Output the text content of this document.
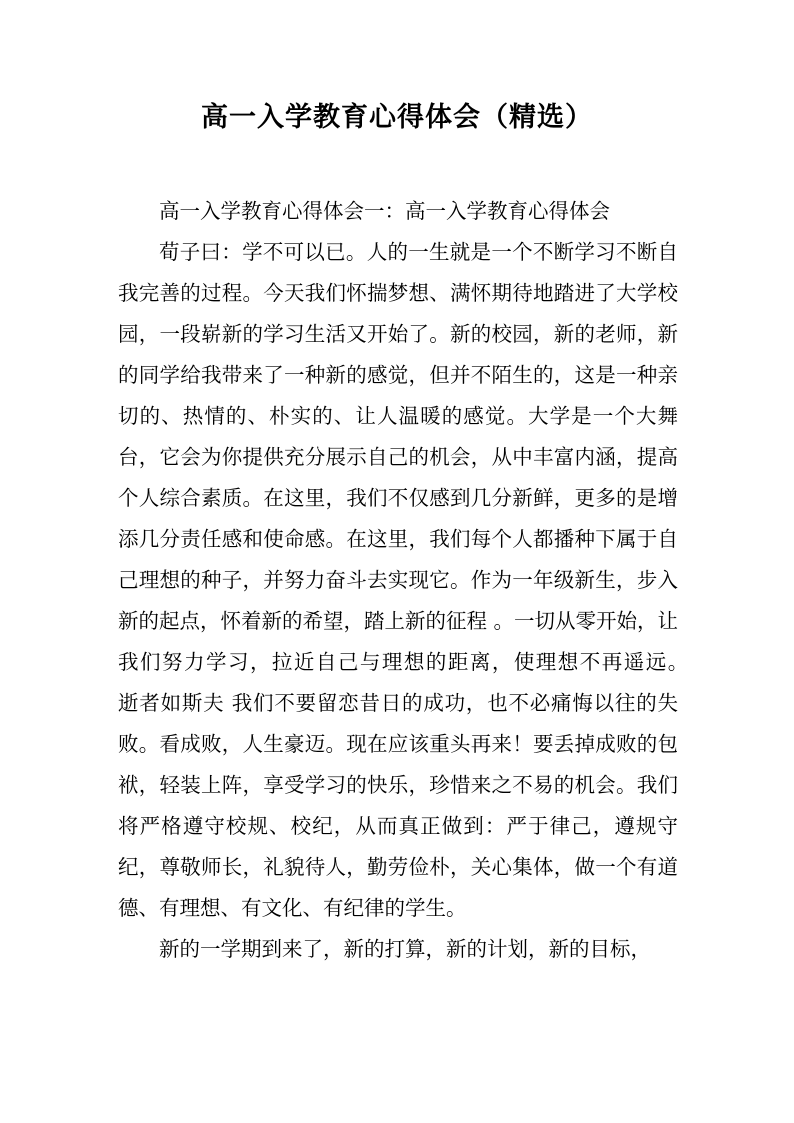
高一入学教育心得体会（精选）

高一入学教育心得体会一：高一入学教育心得体会

荀子曰：学不可以已。人的一生就是一个不断学习不断自我完善的过程。今天我们怀揣梦想、满怀期待地踏进了大学校园，一段崭新的学习生活又开始了。新的校园，新的老师，新的同学给我带来了一种新的感觉，但并不陌生的，这是一种亲切的、热情的、朴实的、让人温暖的感觉。大学是一个大舞台，它会为你提供充分展示自己的机会，从中丰富内涵，提高个人综合素质。在这里，我们不仅感到几分新鲜，更多的是增添几分责任感和使命感。在这里，我们每个人都播种下属于自己理想的种子，并努力奋斗去实现它。作为一年级新生，步入新的起点，怀着新的希望，踏上新的征程 。一切从零开始，让我们努力学习，拉近自己与理想的距离，使理想不再遥远。　逝者如斯夫 我们不要留恋昔日的成功，也不必痛悔以往的失败。看成败，人生豪迈。现在应该重头再来！要丢掉成败的包袱，轻装上阵，享受学习的快乐，珍惜来之不易的机会。我们将严格遵守校规、校纪，从而真正做到：严于律己，遵规守纪，尊敬师长，礼貌待人，勤劳俭朴，关心集体，做一个有道德、有理想、有文化、有纪律的学生。

新的一学期到来了，新的打算，新的计划，新的目标，
